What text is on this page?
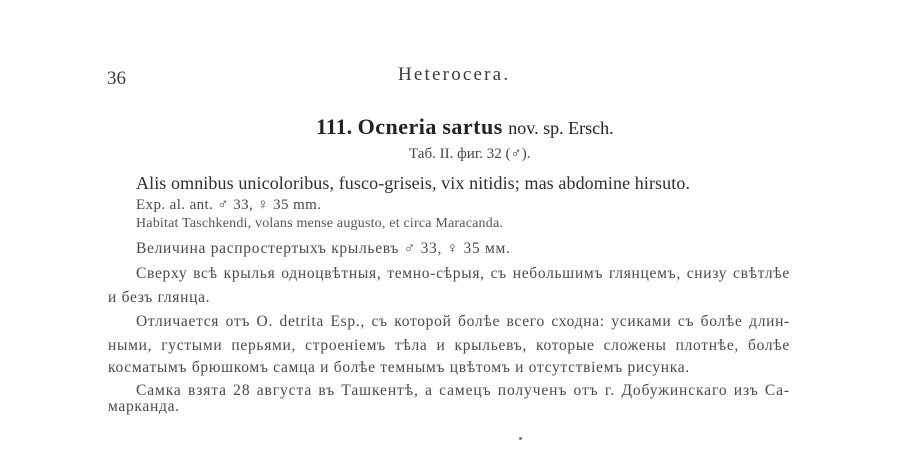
36	Heterocera.
111. Ocneria sartus nov. sp. Ersch.
Таб. II. фиг. 32 (♂).
Alis omnibus unicoloribus, fusco-griseis, vix nitidis; mas abdomine hirsuto.
Exp. al. ant. ♂ 33, ♀ 35 mm.
Habitat Taschkendi, volans mense augusto, et circa Maracanda.
Величина распростертыхъ крыльевъ ♂ 33, ♀ 35 мм.
Сверху всѣ крылья одноцвѣтныя, темно-сѣрыя, съ небольшимъ глянцемъ, снизу свѣтлѣе
и безъ глянца.
Отличается отъ O. detrita Esp., съ которой болѣе всего сходна: усиками съ болѣе длин-
ными, густыми перьями, строеніемъ тѣла и крыльевъ, которые сложены плотнѣе, болѣе
косматымъ брюшкомъ самца и болѣе темнымъ цвѣтомъ и отсутствіемъ рисунка.
Самка взята 28 августа въ Ташкентѣ, а самецъ полученъ отъ г. Добужинскаго изъ Са-
марканда.
